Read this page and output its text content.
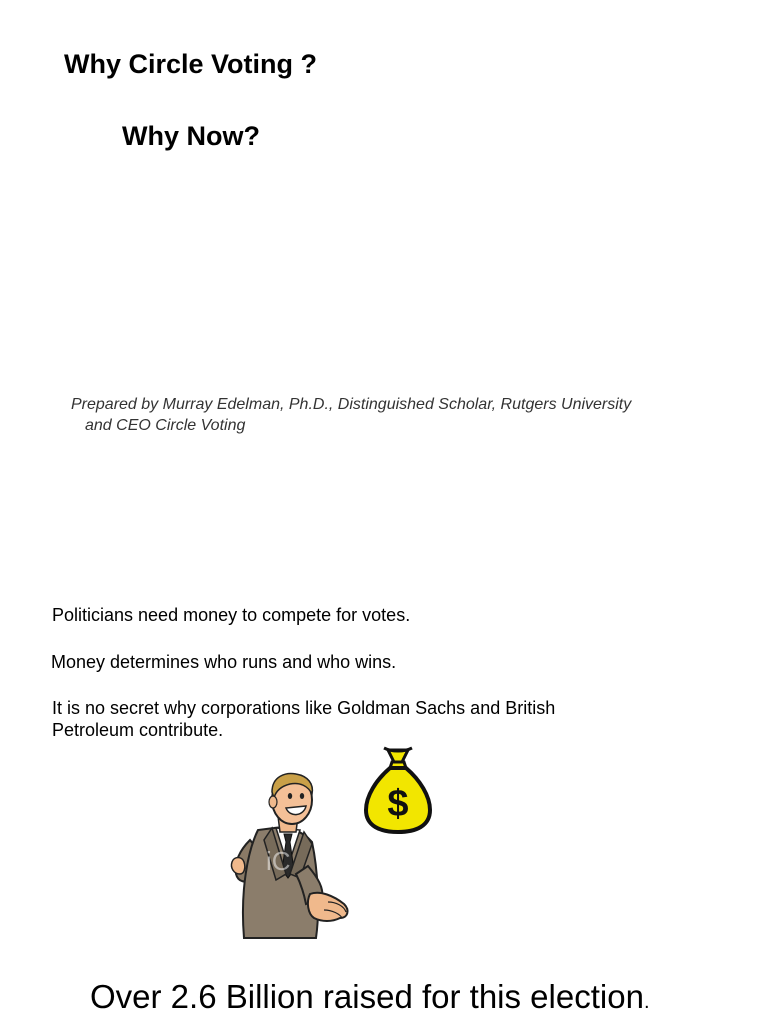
Why Circle Voting ?
Why Now?
Prepared by Murray Edelman, Ph.D., Distinguished Scholar, Rutgers University
and CEO Circle Voting
Politicians need money to compete for votes.
Money determines who runs and who wins.
It is no secret why corporations like Goldman Sachs and British Petroleum contribute.
iC
$
Over 2.6 Billion raised for this election.
